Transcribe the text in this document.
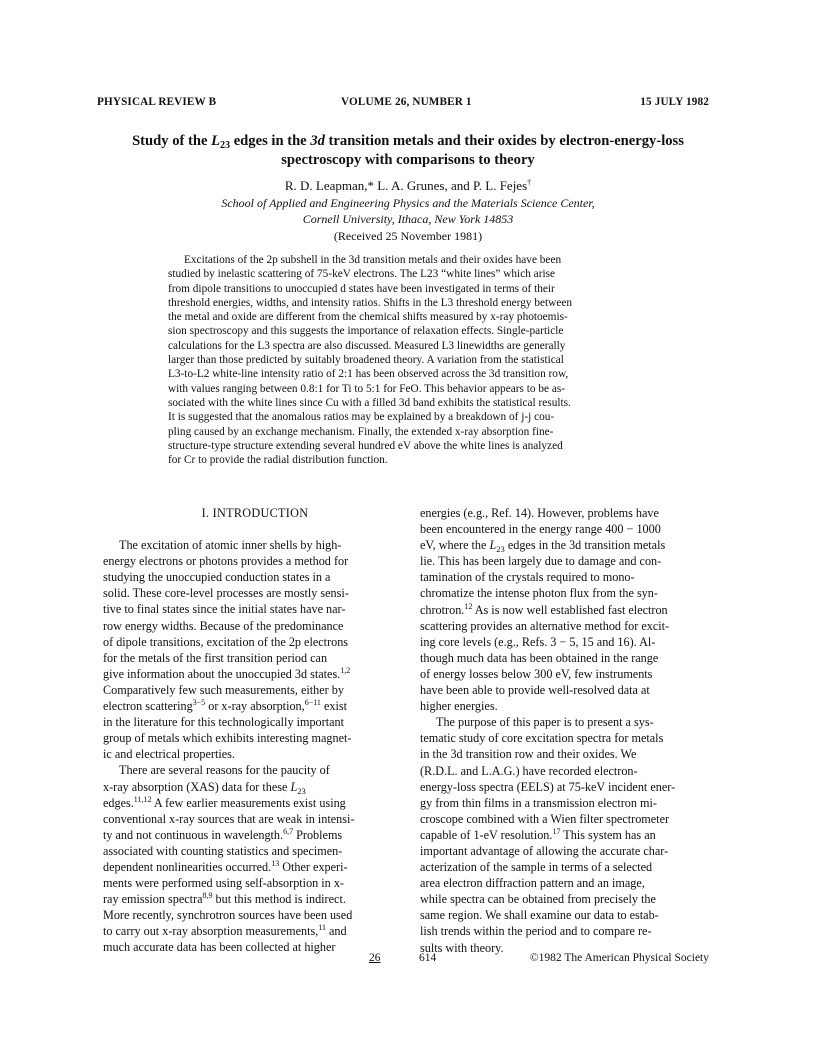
PHYSICAL REVIEW B	VOLUME 26, NUMBER 1	15 JULY 1982
Study of the $L_{23}$ edges in the 3d transition metals and their oxides by electron-energy-loss
spectroscopy with comparisons to theory
R. D. Leapman,* L. A. Grunes, and P. L. Fejes†
School of Applied and Engineering Physics and the Materials Science Center,
Cornell University, Ithaca, New York 14853
(Received 25 November 1981)
Excitations of the 2p subshell in the 3d transition metals and their oxides have been
studied by inelastic scattering of 75-keV electrons. The L23 “white lines” which arise
from dipole transitions to unoccupied d states have been investigated in terms of their
threshold energies, widths, and intensity ratios. Shifts in the L3 threshold energy between
the metal and oxide are different from the chemical shifts measured by x-ray photoemis-
sion spectroscopy and this suggests the importance of relaxation effects. Single-particle
calculations for the L3 spectra are also discussed. Measured L3 linewidths are generally
larger than those predicted by suitably broadened theory. A variation from the statistical
L3-to-L2 white-line intensity ratio of 2:1 has been observed across the 3d transition row,
with values ranging between 0.8:1 for Ti to 5:1 for FeO. This behavior appears to be as-
sociated with the white lines since Cu with a filled 3d band exhibits the statistical results.
It is suggested that the anomalous ratios may be explained by a breakdown of j-j cou-
pling caused by an exchange mechanism. Finally, the extended x-ray absorption fine-
structure-type structure extending several hundred eV above the white lines is analyzed
for Cr to provide the radial distribution function.
I. INTRODUCTION
The excitation of atomic inner shells by high-
energy electrons or photons provides a method for
studying the unoccupied conduction states in a
solid. These core-level processes are mostly sensi-
tive to final states since the initial states have nar-
row energy widths. Because of the predominance
of dipole transitions, excitation of the 2p electrons
for the metals of the first transition period can
give information about the unoccupied 3d states.$^{1,2}$
Comparatively few such measurements, either by
electron scattering$^{3-5}$ or x-ray absorption,$^{6-11}$ exist
in the literature for this technologically important
group of metals which exhibits interesting magnet-
ic and electrical properties.
There are several reasons for the paucity of
x-ray absorption (XAS) data for these $L_{23}$
edges.$^{11,12}$ A few earlier measurements exist using
conventional x-ray sources that are weak in intensi-
ty and not continuous in wavelength.$^{6,7}$ Problems
associated with counting statistics and specimen-
dependent nonlinearities occurred.$^{13}$ Other experi-
ments were performed using self-absorption in x-
ray emission spectra$^{8,9}$ but this method is indirect.
More recently, synchrotron sources have been used
to carry out x-ray absorption measurements,$^{11}$ and
much accurate data has been collected at higher
energies (e.g., Ref. 14). However, problems have
been encountered in the energy range 400 − 1000
eV, where the $L_{23}$ edges in the 3d transition metals
lie. This has been largely due to damage and con-
tamination of the crystals required to mono-
chromatize the intense photon flux from the syn-
chrotron.$^{12}$ As is now well established fast electron
scattering provides an alternative method for excit-
ing core levels (e.g., Refs. 3 − 5, 15 and 16). Al-
though much data has been obtained in the range
of energy losses below 300 eV, few instruments
have been able to provide well-resolved data at
higher energies.
The purpose of this paper is to present a sys-
tematic study of core excitation spectra for metals
in the 3d transition row and their oxides. We
(R.D.L. and L.A.G.) have recorded electron-
energy-loss spectra (EELS) at 75-keV incident ener-
gy from thin films in a transmission electron mi-
croscope combined with a Wien filter spectrometer
capable of 1-eV resolution.$^{17}$ This system has an
important advantage of allowing the accurate char-
acterization of the sample in terms of a selected
area electron diffraction pattern and an image,
while spectra can be obtained from precisely the
same region. We shall examine our data to estab-
lish trends within the period and to compare re-
sults with theory.
26	614	©1982 The American Physical Society
